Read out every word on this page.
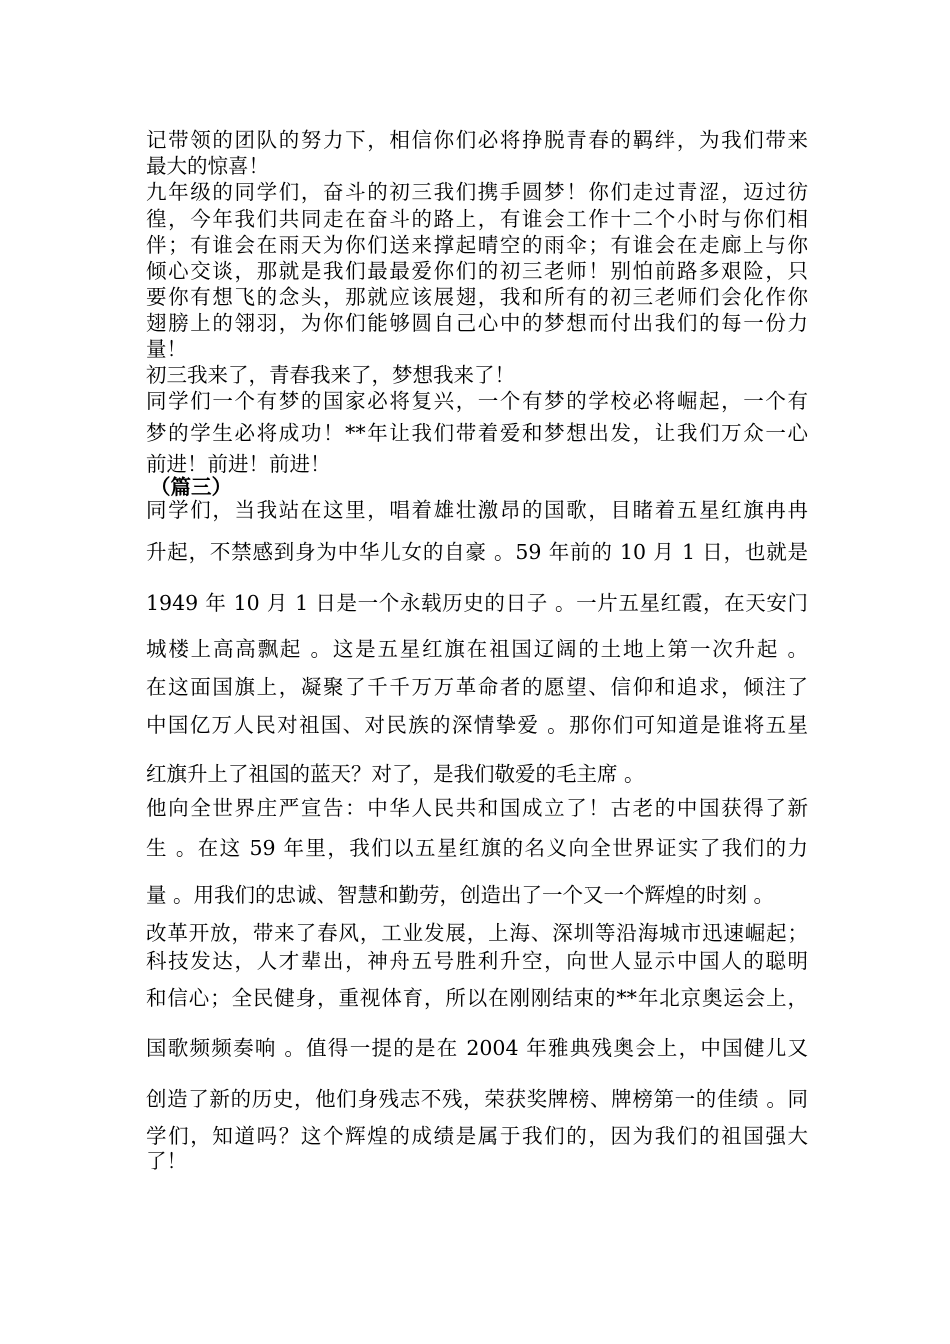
记带领的团队的努力下，相信你们必将挣脱青春的羁绊，为我们带来
最大的惊喜！
九年级的同学们，奋斗的初三我们携手圆梦！你们走过青涩，迈过彷
徨，今年我们共同走在奋斗的路上，有谁会工作十二个小时与你们相
伴；有谁会在雨天为你们送来撑起晴空的雨伞；有谁会在走廊上与你
倾心交谈，那就是我们最最爱你们的初三老师！别怕前路多艰险，只
要你有想飞的念头，那就应该展翅，我和所有的初三老师们会化作你
翅膀上的翎羽，为你们能够圆自己心中的梦想而付出我们的每一份力
量！
初三我来了，青春我来了，梦想我来了！
同学们一个有梦的国家必将复兴，一个有梦的学校必将崛起，一个有
梦的学生必将成功！**年让我们带着爱和梦想出发，让我们万众一心
前进！前进！前进！
（篇三）
同学们，当我站在这里，唱着雄壮激昂的国歌，目睹着五星红旗冉冉
升起，不禁感到身为中华儿女的自豪 。59 年前的 10 月 1 日，也就是
1949 年 10 月 1 日是一个永载历史的日子 。一片五星红霞，在天安门
城楼上高高飘起 。这是五星红旗在祖国辽阔的土地上第一次升起 。
在这面国旗上，凝聚了千千万万革命者的愿望、信仰和追求，倾注了
中国亿万人民对祖国、对民族的深情挚爱 。那你们可知道是谁将五星
红旗升上了祖国的蓝天？对了，是我们敬爱的毛主席 。
他向全世界庄严宣告：中华人民共和国成立了！古老的中国获得了新
生 。在这 59 年里，我们以五星红旗的名义向全世界证实了我们的力
量 。用我们的忠诚、智慧和勤劳，创造出了一个又一个辉煌的时刻 。
改革开放，带来了春风，工业发展，上海、深圳等沿海城市迅速崛起；
科技发达，人才辈出，神舟五号胜利升空，向世人显示中国人的聪明
和信心；全民健身，重视体育，所以在刚刚结束的**年北京奥运会上，
国歌频频奏响 。值得一提的是在 2004 年雅典残奥会上，中国健儿又
创造了新的历史，他们身残志不残，荣获奖牌榜、牌榜第一的佳绩 。同
学们，知道吗？这个辉煌的成绩是属于我们的，因为我们的祖国强大
了！
